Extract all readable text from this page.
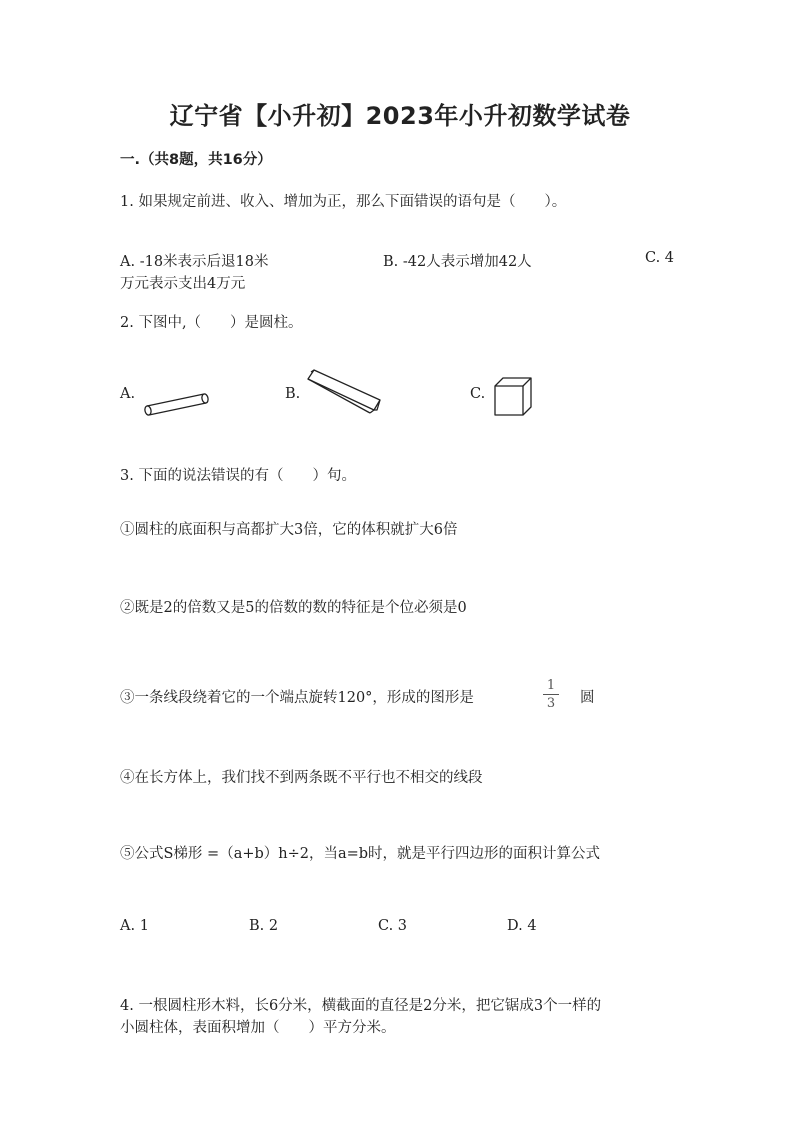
辽宁省【小升初】2023年小升初数学试卷
一.（共8题，共16分）
1. 如果规定前进、收入、增加为正，那么下面错误的语句是（　　）。
A. -18米表示后退18米	B. -42人表示增加42人	C. 4
万元表示支出4万元
2. 下图中,（　　）是圆柱。
A.	B.	C.
3. 下面的说法错误的有（　　）句。
①圆柱的底面积与高都扩大3倍，它的体积就扩大6倍
②既是2的倍数又是5的倍数的数的特征是个位必须是0
③一条线段绕着它的一个端点旋转120°，形成的图形是
1
3 圆
④在长方体上，我们找不到两条既不平行也不相交的线段
⑤公式S梯形 =（a+b）h÷2，当a=b时，就是平行四边形的面积计算公式
A. 1	B. 2	C. 3	D. 4
4. 一根圆柱形木料，长6分米，横截面的直径是2分米，把它锯成3个一样的
小圆柱体，表面积增加（　　）平方分米。
